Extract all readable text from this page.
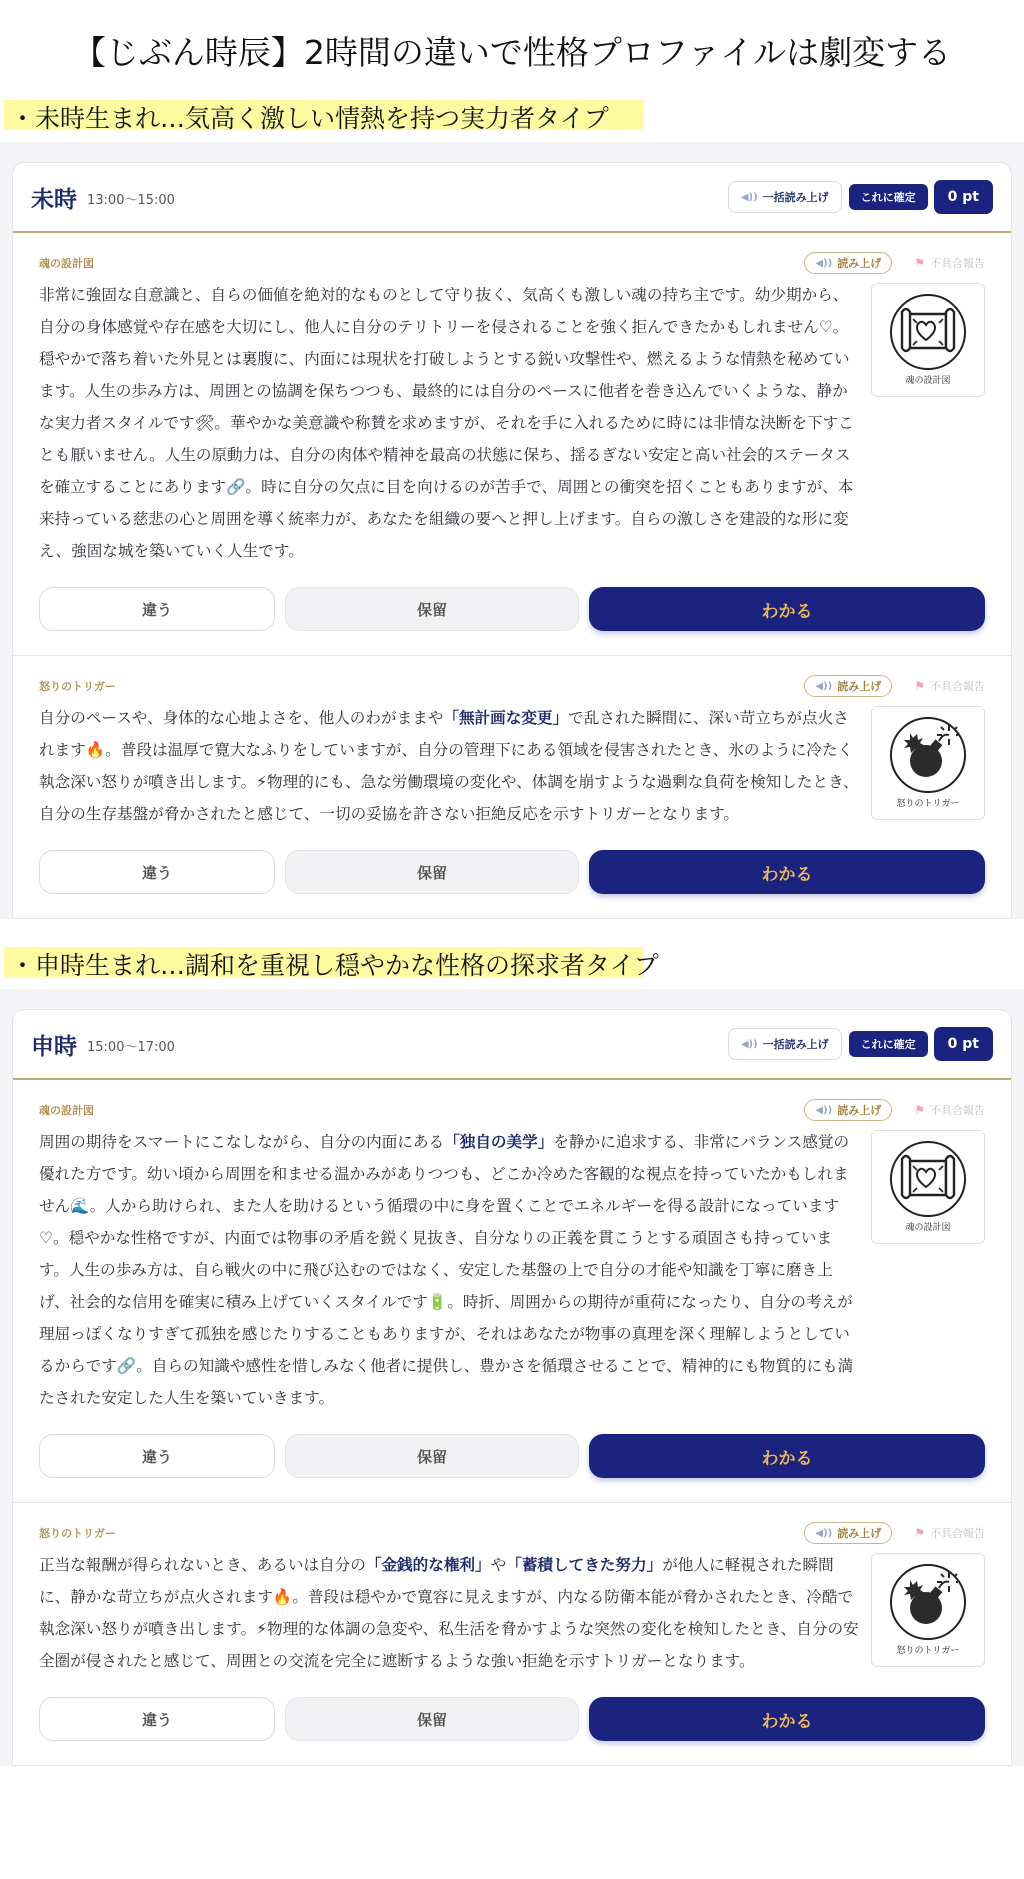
【じぶん時辰】2時間の違いで性格プロファイルは劇変する
・未時生まれ…気高く激しい情熱を持つ実力者タイプ
未時 13:00〜15:00	◀)) 一括読み上げ	これに確定	0 pt
魂の設計図	◀)) 読み上げ	⚑ 不具合報告
非常に強固な自意識と、自らの価値を絶対的なものとして守り抜く、気高くも激しい魂の持ち主です。幼少期から、自分の身体感覚や存在感を大切にし、他人に自分のテリトリーを侵されることを強く拒んできたかもしれません♡。穏やかで落ち着いた外見とは裏腹に、内面には現状を打破しようとする鋭い攻撃性や、燃えるような情熱を秘めています。人生の歩み方は、周囲との協調を保ちつつも、最終的には自分のペースに他者を巻き込んでいくような、静かな実力者スタイルです🛠。華やかな美意識や称賛を求めますが、それを手に入れるために時には非情な決断を下すことも厭いません。人生の原動力は、自分の肉体や精神を最高の状態に保ち、揺るぎない安定と高い社会的ステータスを確立することにあります🔗。時に自分の欠点に目を向けるのが苦手で、周囲との衝突を招くこともありますが、本来持っている慈悲の心と周囲を導く統率力が、あなたを組織の要へと押し上げます。自らの激しさを建設的な形に変え、強固な城を築いていく人生です。
魂の設計図
違う	保留	わかる
怒りのトリガー	◀)) 読み上げ	⚑ 不具合報告
自分のペースや、身体的な心地よさを、他人のわがままや「無計画な変更」で乱された瞬間に、深い苛立ちが点火されます🔥。普段は温厚で寛大なふりをしていますが、自分の管理下にある領域を侵害されたとき、氷のように冷たく執念深い怒りが噴き出します。⚡物理的にも、急な労働環境の変化や、体調を崩すような過剰な負荷を検知したとき、自分の生存基盤が脅かされたと感じて、一切の妥協を許さない拒絶反応を示すトリガーとなります。
怒りのトリガー
違う	保留	わかる
・申時生まれ…調和を重視し穏やかな性格の探求者タイプ
申時 15:00〜17:00	◀)) 一括読み上げ	これに確定	0 pt
魂の設計図	◀)) 読み上げ	⚑ 不具合報告
周囲の期待をスマートにこなしながら、自分の内面にある「独自の美学」を静かに追求する、非常にバランス感覚の優れた方です。幼い頃から周囲を和ませる温かみがありつつも、どこか冷めた客観的な視点を持っていたかもしれません🌊。人から助けられ、また人を助けるという循環の中に身を置くことでエネルギーを得る設計になっています♡。穏やかな性格ですが、内面では物事の矛盾を鋭く見抜き、自分なりの正義を貫こうとする頑固さも持っています。人生の歩み方は、自ら戦火の中に飛び込むのではなく、安定した基盤の上で自分の才能や知識を丁寧に磨き上げ、社会的な信用を確実に積み上げていくスタイルです🔋。時折、周囲からの期待が重荷になったり、自分の考えが理屈っぽくなりすぎて孤独を感じたりすることもありますが、それはあなたが物事の真理を深く理解しようとしているからです🔗。自らの知識や感性を惜しみなく他者に提供し、豊かさを循環させることで、精神的にも物質的にも満たされた安定した人生を築いていきます。
魂の設計図
違う	保留	わかる
怒りのトリガー	◀)) 読み上げ	⚑ 不具合報告
正当な報酬が得られないとき、あるいは自分の「金銭的な権利」や「蓄積してきた努力」が他人に軽視された瞬間に、静かな苛立ちが点火されます🔥。普段は穏やかで寛容に見えますが、内なる防衛本能が脅かされたとき、冷酷で執念深い怒りが噴き出します。⚡物理的な体調の急変や、私生活を脅かすような突然の変化を検知したとき、自分の安全圏が侵されたと感じて、周囲との交流を完全に遮断するような強い拒絶を示すトリガーとなります。
怒りのトリガー
違う	保留	わかる
